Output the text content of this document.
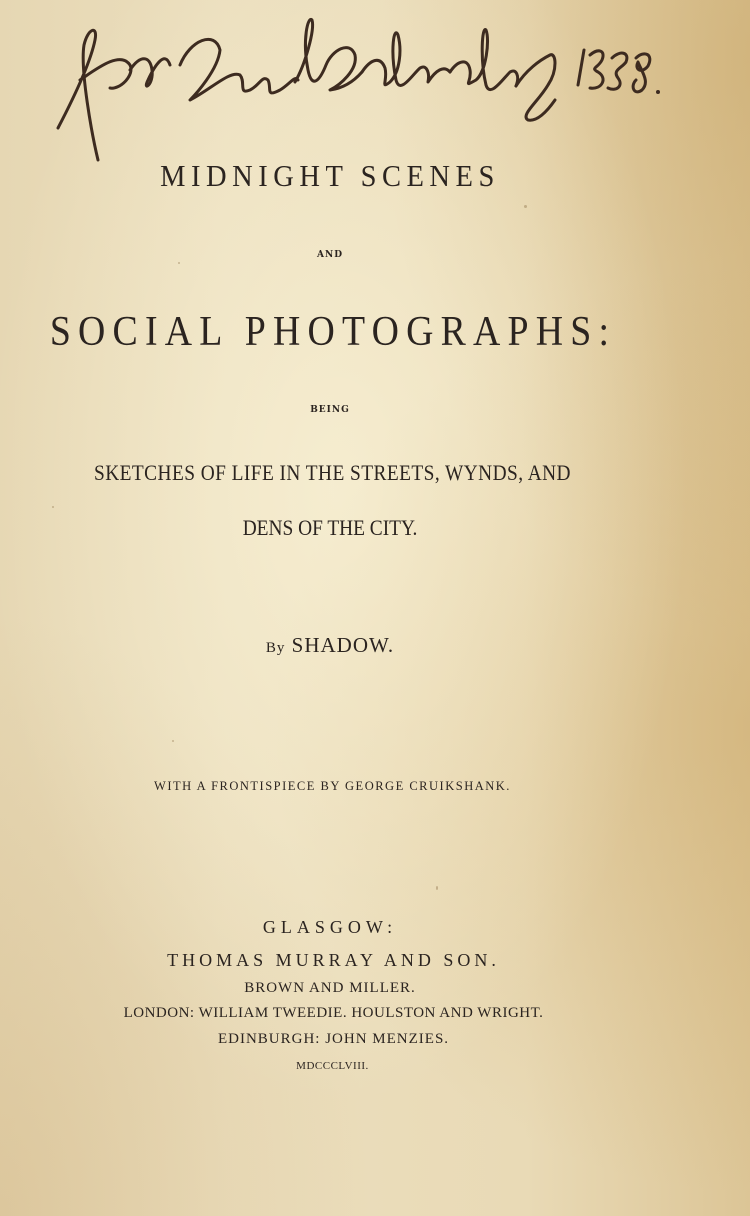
MIDNIGHT SCENES
AND
SOCIAL PHOTOGRAPHS:
BEING
SKETCHES OF LIFE IN THE STREETS, WYNDS, AND
DENS OF THE CITY.
By SHADOW.
WITH A FRONTISPIECE BY GEORGE CRUIKSHANK.
GLASGOW:
THOMAS MURRAY AND SON.
BROWN AND MILLER.
LONDON: WILLIAM TWEEDIE. HOULSTON AND WRIGHT.
EDINBURGH: JOHN MENZIES.
MDCCCLVIII.
